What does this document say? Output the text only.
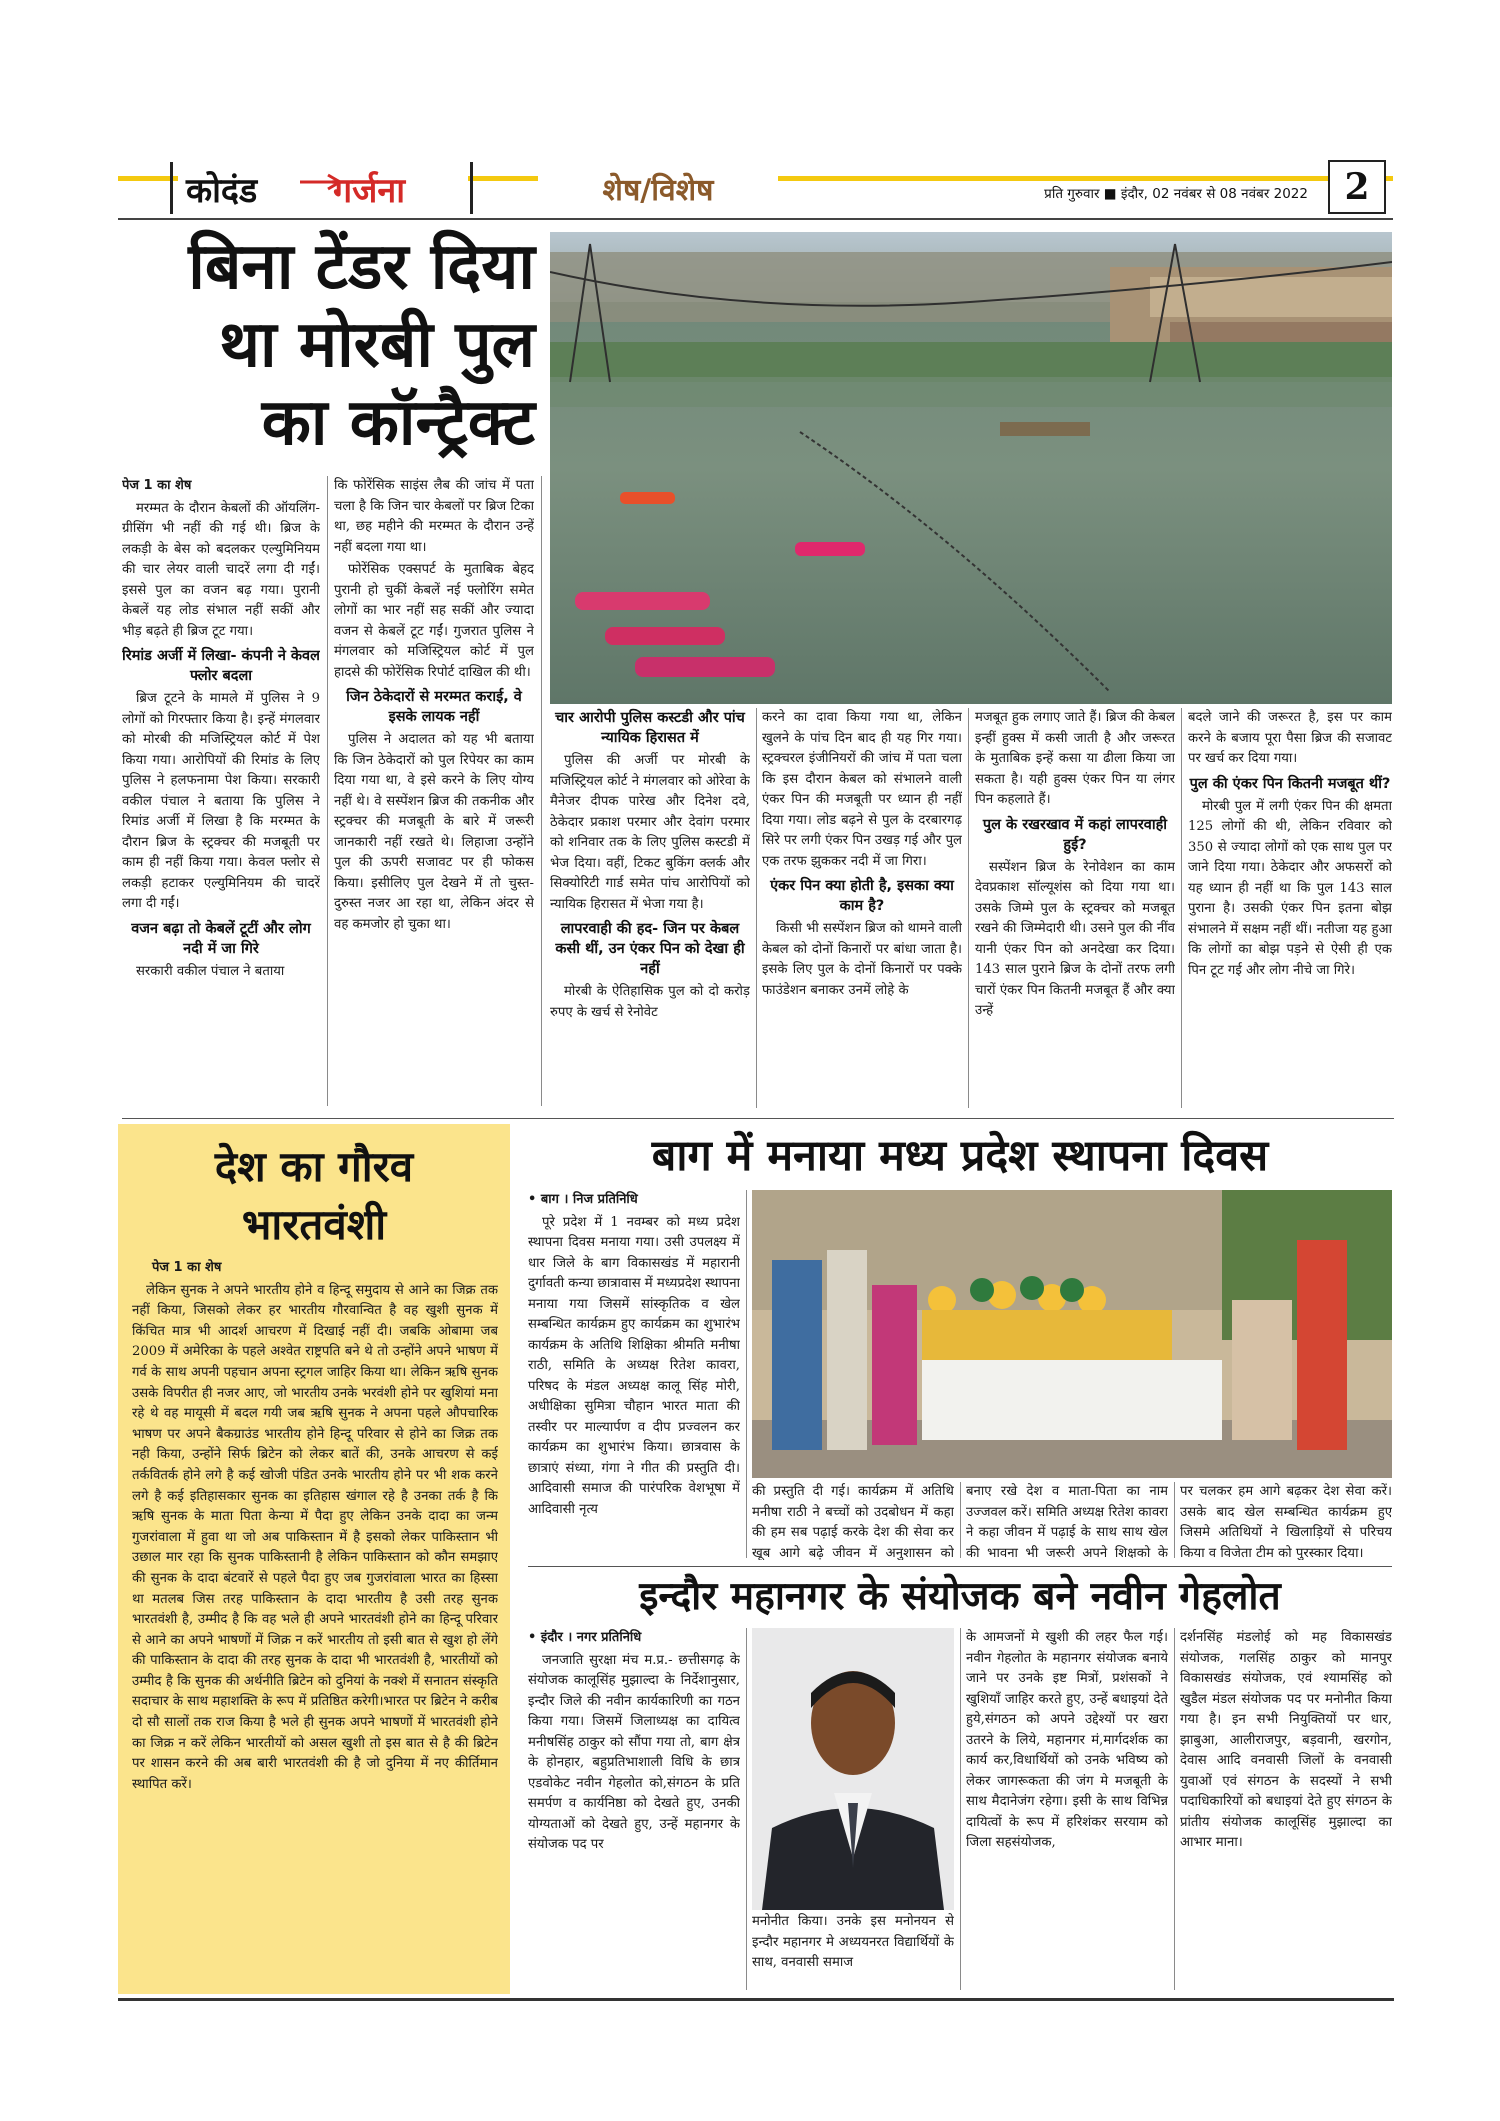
कोदंड गर्जना	शेष/विशेष	प्रति गुरुवार ■ इंदौर, 02 नवंबर से 08 नवंबर 2022 2
बिना टेंडर दिया
था मोरबी पुल
का कॉन्ट्रैक्ट
पेज 1 का शेष

मरम्मत के दौरान केबलों की ऑयलिंग-ग्रीसिंग भी नहीं की गई थी। ब्रिज के लकड़ी के बेस को बदलकर एल्युमिनियम की चार लेयर वाली चादरें लगा दी गईं। इससे पुल का वजन बढ़ गया। पुरानी केबलें यह लोड संभाल नहीं सकीं और भीड़ बढ़ते ही ब्रिज टूट गया।

रिमांड अर्जी में लिखा- कंपनी ने केवल फ्लोर बदला

ब्रिज टूटने के मामले में पुलिस ने 9 लोगों को गिरफ्तार किया है। इन्हें मंगलवार को मोरबी की मजिस्ट्रियल कोर्ट में पेश किया गया। आरोपियों की रिमांड के लिए पुलिस ने हलफनामा पेश किया। सरकारी वकील पंचाल ने बताया कि पुलिस ने रिमांड अर्जी में लिखा है कि मरम्मत के दौरान ब्रिज के स्ट्रक्चर की मजबूती पर काम ही नहीं किया गया। केवल फ्लोर से लकड़ी हटाकर एल्युमिनियम की चादरें लगा दी गईं।

वजन बढ़ा तो केबलें टूटीं और लोग नदी में जा गिरे

सरकारी वकील पंचाल ने बताया

कि फोरेंसिक साइंस लैब की जांच में पता चला है कि जिन चार केबलों पर ब्रिज टिका था, छह महीने की मरम्मत के दौरान उन्हें नहीं बदला गया था।

फोरेंसिक एक्सपर्ट के मुताबिक बेहद पुरानी हो चुकीं केबलें नई फ्लोरिंग समेत लोगों का भार नहीं सह सकीं और ज्यादा वजन से केबलें टूट गईं। गुजरात पुलिस ने मंगलवार को मजिस्ट्रियल कोर्ट में पुल हादसे की फोरेंसिक रिपोर्ट दाखिल की थी।

जिन ठेकेदारों से मरम्मत कराई, वे इसके लायक नहीं

पुलिस ने अदालत को यह भी बताया कि जिन ठेकेदारों को पुल रिपेयर का काम दिया गया था, वे इसे करने के लिए योग्य नहीं थे। वे सस्पेंशन ब्रिज की तकनीक और स्ट्रक्चर की मजबूती के बारे में जरूरी जानकारी नहीं रखते थे। लिहाजा उन्होंने पुल की ऊपरी सजावट पर ही फोकस किया। इसीलिए पुल देखने में तो चुस्त-दुरुस्त नजर आ रहा था, लेकिन अंदर से वह कमजोर हो चुका था।

चार आरोपी पुलिस कस्टडी और पांच न्यायिक हिरासत में

पुलिस की अर्जी पर मोरबी के मजिस्ट्रियल कोर्ट ने मंगलवार को ओरेवा के मैनेजर दीपक पारेख और दिनेश दवे, ठेकेदार प्रकाश परमार और देवांग परमार को शनिवार तक के लिए पुलिस कस्टडी में भेज दिया। वहीं, टिकट बुकिंग क्लर्क और सिक्योरिटी गार्ड समेत पांच आरोपियों को न्यायिक हिरासत में भेजा गया है।

लापरवाही की हद- जिन पर केबल कसी थीं, उन एंकर पिन को देखा ही नहीं

मोरबी के ऐतिहासिक पुल को दो करोड़ रुपए के खर्च से रेनोवेट

करने का दावा किया गया था, लेकिन खुलने के पांच दिन बाद ही यह गिर गया। स्ट्रक्चरल इंजीनियरों की जांच में पता चला कि इस दौरान केबल को संभालने वाली एंकर पिन की मजबूती पर ध्यान ही नहीं दिया गया। लोड बढ़ने से पुल के दरबारगढ़ सिरे पर लगी एंकर पिन उखड़ गई और पुल एक तरफ झुककर नदी में जा गिरा।

एंकर पिन क्या होती है, इसका क्या काम है?

किसी भी सस्पेंशन ब्रिज को थामने वाली केबल को दोनों किनारों पर बांधा जाता है। इसके लिए पुल के दोनों किनारों पर पक्के फाउंडेशन बनाकर उनमें लोहे के

मजबूत हुक लगाए जाते हैं। ब्रिज की केबल इन्हीं हुक्स में कसी जाती है और जरूरत के मुताबिक इन्हें कसा या ढीला किया जा सकता है। यही हुक्स एंकर पिन या लंगर पिन कहलाते हैं।

पुल के रखरखाव में कहां लापरवाही हुई?

सस्पेंशन ब्रिज के रेनोवेशन का काम देवप्रकाश सॉल्यूशंस को दिया गया था। उसके जिम्मे पुल के स्ट्रक्चर को मजबूत रखने की जिम्मेदारी थी। उसने पुल की नींव यानी एंकर पिन को अनदेखा कर दिया। 143 साल पुराने ब्रिज के दोनों तरफ लगी चारों एंकर पिन कितनी मजबूत हैं और क्या उन्हें

बदले जाने की जरूरत है, इस पर काम करने के बजाय पूरा पैसा ब्रिज की सजावट पर खर्च कर दिया गया।

पुल की एंकर पिन कितनी मजबूत थीं?

मोरबी पुल में लगी एंकर पिन की क्षमता 125 लोगों की थी, लेकिन रविवार को 350 से ज्यादा लोगों को एक साथ पुल पर जाने दिया गया। ठेकेदार और अफसरों को यह ध्यान ही नहीं था कि पुल 143 साल पुराना है। उसकी एंकर पिन इतना बोझ संभालने में सक्षम नहीं थीं। नतीजा यह हुआ कि लोगों का बोझ पड़ने से ऐसी ही एक पिन टूट गई और लोग नीचे जा गिरे।

देश का गौरव
भारतवंशी
पेज 1 का शेष

लेकिन सुनक ने अपने भारतीय होने व हिन्दू समुदाय से आने का जिक्र तक नहीं किया, जिसको लेकर हर भारतीय गौरवान्वित है वह खुशी सुनक में किंचित मात्र भी आदर्श आचरण में दिखाई नहीं दी। जबकि ओबामा जब 2009 में अमेरिका के पहले अश्वेत राष्ट्रपति बने थे तो उन्होंने अपने भाषण में गर्व के साथ अपनी पहचान अपना स्ट्रगल जाहिर किया था। लेकिन ऋषि सुनक उसके विपरीत ही नजर आए, जो भारतीय उनके भरवंशी होने पर खुशियां मना रहे थे वह मायूसी में बदल गयी जब ऋषि सुनक ने अपना पहले औपचारिक भाषण पर अपने बैकग्राउंड भारतीय होने हिन्दू परिवार से होने का जिक्र तक नही किया, उन्होंने सिर्फ ब्रिटेन को लेकर बातें की, उनके आचरण से कई तर्कवितर्क होने लगे है कई खोजी पंडित उनके भारतीय होने पर भी शक करने लगे है कई इतिहासकार सुनक का इतिहास खंगाल रहे है उनका तर्क है कि ऋषि सुनक के माता पिता केन्या में पैदा हुए लेकिन उनके दादा का जन्म गुजरांवाला में हुवा था जो अब पाकिस्तान में है इसको लेकर पाकिस्तान भी उछाल मार रहा कि सुनक पाकिस्तानी है लेकिन पाकिस्तान को कौन समझाए की सुनक के दादा बंटवारें से पहले पैदा हुए जब गुजरांवाला भारत का हिस्सा था मतलब जिस तरह पाकिस्तान के दादा भारतीय है उसी तरह सुनक भारतवंशी है, उम्मीद है कि वह भले ही अपने भारतवंशी होने का हिन्दू परिवार से आने का अपने भाषणों में जिक्र न करें भारतीय तो इसी बात से खुश हो लेंगे की पाकिस्तान के दादा की तरह सुनक के दादा भी भारतवंशी है, भारतीयों को उम्मीद है कि सुनक की अर्थनीति ब्रिटेन को दुनियां के नक्शे में सनातन संस्कृति सदाचार के साथ महाशक्ति के रूप में प्रतिष्ठित करेगी।भारत पर ब्रिटेन ने करीब दो सौ सालों तक राज किया है भले ही सुनक अपने भाषणों में भारतवंशी होने का जिक्र न करें लेकिन भारतीयों को असल खुशी तो इस बात से है की ब्रिटेन पर शासन करने की अब बारी भारतवंशी की है जो दुनिया में नए कीर्तिमान स्थापित करें।

बाग में मनाया मध्य प्रदेश स्थापना दिवस
• बाग । निज प्रतिनिधि

पूरे प्रदेश में 1 नवम्बर को मध्य प्रदेश स्थापना दिवस मनाया गया। उसी उपलक्ष्य में धार जिले के बाग विकासखंड में महारानी दुर्गावती कन्या छात्रावास में मध्यप्रदेश स्थापना मनाया गया जिसमें सांस्कृतिक व खेल सम्बन्धित कार्यक्रम हुए कार्यक्रम का शुभारंभ कार्यक्रम के अतिथि शिक्षिका श्रीमति मनीषा राठी, समिति के अध्यक्ष रितेश कावरा, परिषद के मंडल अध्यक्ष कालू सिंह मोरी, अधीक्षिका सुमित्रा चौहान भारत माता की तस्वीर पर माल्यार्पण व दीप प्रज्वलन कर कार्यक्रम का शुभारंभ किया। छात्रवास के छात्राएं संध्या, गंगा ने गीत की प्रस्तुति दी। आदिवासी समाज की पारंपरिक वेशभूषा में आदिवासी नृत्य

की प्रस्तुति दी गई। कार्यक्रम में अतिथि मनीषा राठी ने बच्चों को उदबोधन में कहा की हम सब पढ़ाई करके देश की सेवा कर खूब आगे बढ़े जीवन में अनुशासन को

बनाए रखे देश व माता-पिता का नाम उज्जवल करें। समिति अध्यक्ष रितेश कावरा ने कहा जीवन में पढ़ाई के साथ साथ खेल की भावना भी जरूरी अपने शिक्षको के

पर चलकर हम आगे बढ़कर देश सेवा करें। उसके बाद खेल सम्बन्धित कार्यक्रम हुए जिसमे अतिथियों ने खिलाड़ियों से परिचय किया व विजेता टीम को पुरस्कार दिया।

इन्दौर महानगर के संयोजक बने नवीन गेहलोत
• इंदौर । नगर प्रतिनिधि

जनजाति सुरक्षा मंच म.प्र.- छत्तीसगढ़ के संयोजक कालूसिंह मुझाल्दा के निर्देशानुसार, इन्दौर जिले की नवीन कार्यकारिणी का गठन किया गया। जिसमें जिलाध्यक्ष का दायित्व मनीषसिंह ठाकुर को सौंपा गया तो, बाग क्षेत्र के होनहार, बहुप्रतिभाशाली विधि के छात्र एडवोकेट नवीन गेहलोत को,संगठन के प्रति समर्पण व कार्यनिष्ठा को देखते हुए, उनकी योग्यताओं को देखते हुए, उन्हें महानगर के संयोजक पद पर

मनोनीत किया। उनके इस मनोनयन से इन्दौर महानगर मे अध्ययनरत विद्यार्थियों के साथ, वनवासी समाज

के आमजनों मे खुशी की लहर फैल गई। नवीन गेहलोत के महानगर संयोजक बनाये जाने पर उनके इष्ट मित्रों, प्रशंसकों ने खुशियाँ जाहिर करते हुए, उन्हें बधाइयां देते हुये,संगठन को अपने उद्देश्यों पर खरा उतरने के लिये, महानगर मं,मार्गदर्शक का कार्य कर,विधार्थियों को उनके भविष्य को लेकर जागरूकता की जंग मे मजबूती के साथ मैदानेजंग रहेगा। इसी के साथ विभिन्न दायित्वों के रूप में हरिशंकर सरयाम को जिला सहसंयोजक,

दर्शनसिंह मंडलोई को मह विकासखंड संयोजक, गलसिंह ठाकुर को मानपुर विकासखंड संयोजक, एवं श्यामसिंह को खुडैल मंडल संयोजक पद पर मनोनीत किया गया है। इन सभी नियुक्तियों पर धार, झाबुआ, आलीराजपुर, बड़वानी, खरगोन, देवास आदि वनवासी जिलों के वनवासी युवाओं एवं संगठन के सदस्यों ने सभी पदाधिकारियों को बधाइयां देते हुए संगठन के प्रांतीय संयोजक कालूसिंह मुझाल्दा का आभार माना।
